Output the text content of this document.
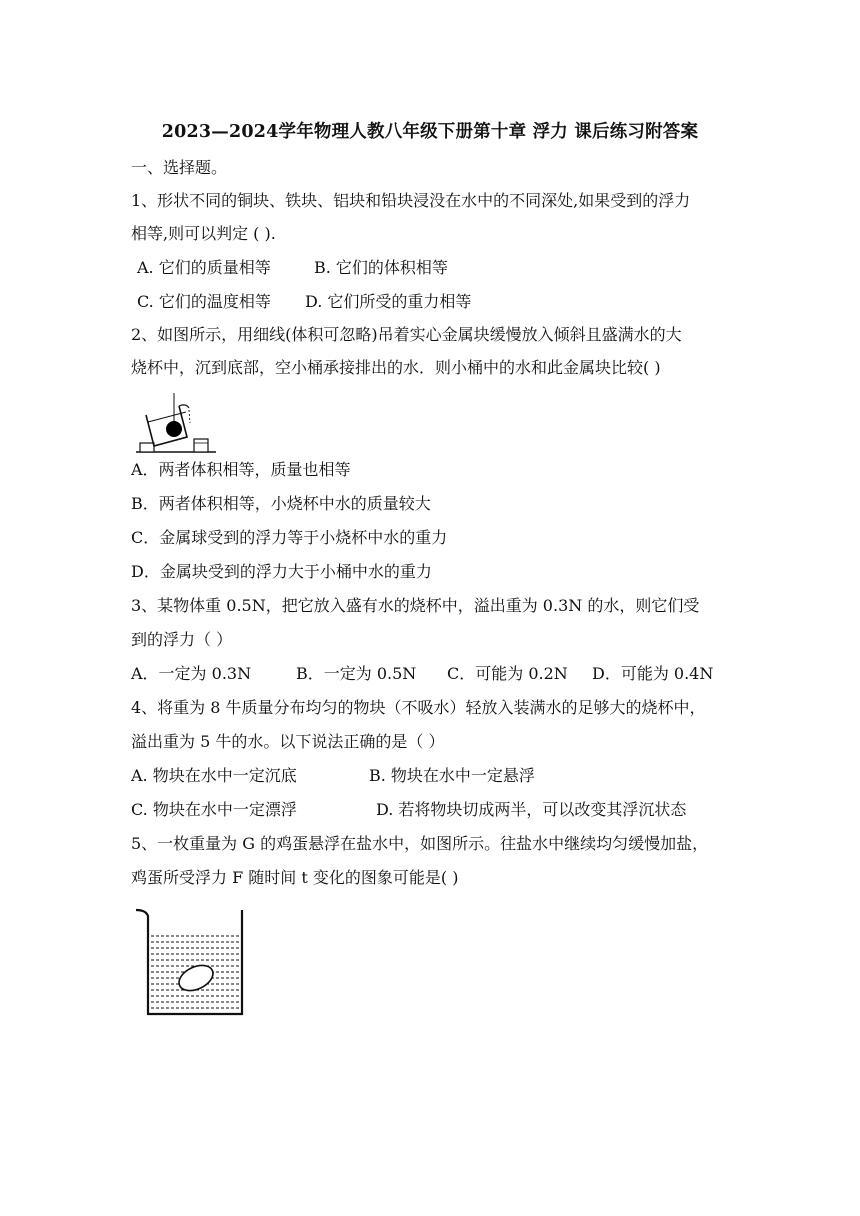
2023—2024学年物理人教八年级下册第十章 浮力 课后练习附答案
一、选择题。
1、形状不同的铜块、铁块、铝块和铅块浸没在水中的不同深处,如果受到的浮力
相等,则可以判定 ( ).
A. 它们的质量相等	B. 它们的体积相等
C. 它们的温度相等 D. 它们所受的重力相等
2、如图所示，用细线(体积可忽略)吊着实心金属块缓慢放入倾斜且盛满水的大
烧杯中，沉到底部，空小桶承接排出的水．则小桶中的水和此金属块比较( )
A．两者体积相等，质量也相等
B．两者体积相等，小烧杯中水的质量较大
C．金属球受到的浮力等于小烧杯中水的重力
D．金属块受到的浮力大于小桶中水的重力
3、某物体重 0.5N，把它放入盛有水的烧杯中，溢出重为 0.3N 的水，则它们受
到的浮力（ ）
A．一定为 0.3N	B．一定为 0.5N C．可能为 0.2N D．可能为 0.4N
4、将重为 8 牛质量分布均匀的物块（不吸水）轻放入装满水的足够大的烧杯中，
溢出重为 5 牛的水。以下说法正确的是（ ）
A. 物块在水中一定沉底	B. 物块在水中一定悬浮
C. 物块在水中一定漂浮	D. 若将物块切成两半，可以改变其浮沉状态
5、一枚重量为 G 的鸡蛋悬浮在盐水中，如图所示。往盐水中继续均匀缓慢加盐，
鸡蛋所受浮力 F 随时间 t 变化的图象可能是( )
